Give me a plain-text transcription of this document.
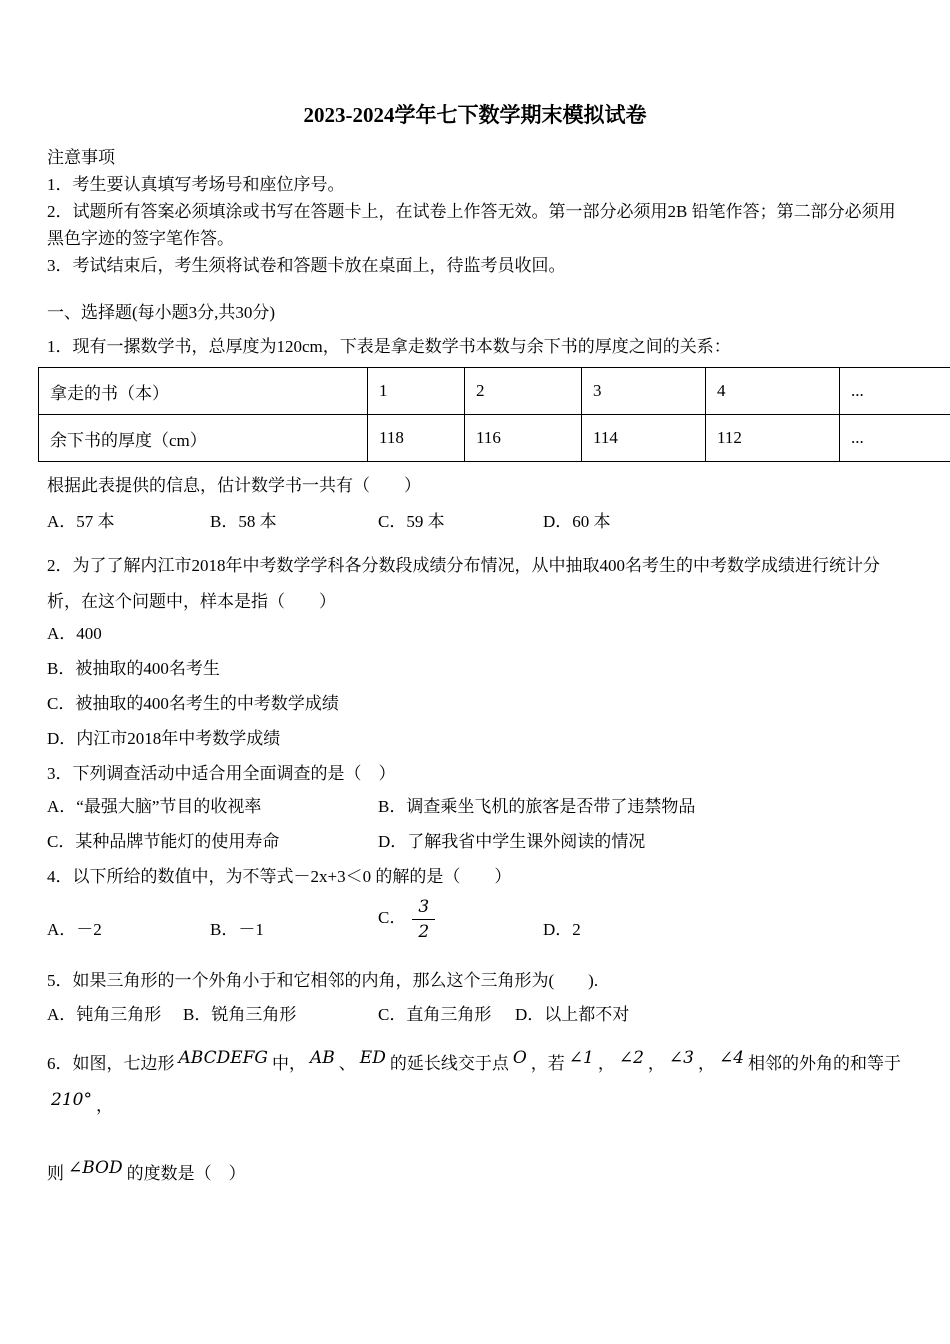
2023-2024学年七下数学期末模拟试卷

注意事项

1．考生要认真填写考场号和座位序号。

2．试题所有答案必须填涂或书写在答题卡上，在试卷上作答无效。第一部分必须用2B 铅笔作答；第二部分必须用黑色字迹的签字笔作答。

3．考试结束后，考生须将试卷和答题卡放在桌面上，待监考员收回。

一、选择题(每小题3分,共30分)

1．现有一摞数学书，总厚度为120cm，下表是拿走数学书本数与余下书的厚度之间的关系：

拿走的书（本）	1	2	3	4	...
余下书的厚度（cm）	118	116	114	112	...

根据此表提供的信息，估计数学书一共有（　　）

A．57 本	B．58 本	C．59 本	D．60 本

2．为了了解内江市2018年中考数学学科各分数段成绩分布情况，从中抽取400名考生的中考数学成绩进行统计分析，在这个问题中，样本是指（　　）

A．400

B．被抽取的400名考生

C．被抽取的400名考生的中考数学成绩

D．内江市2018年中考数学成绩

3．下列调查活动中适合用全面调查的是（　）

A．“最强大脑”节目的收视率	B．调查乘坐飞机的旅客是否带了违禁物品
C．某种品牌节能灯的使用寿命	D．了解我省中学生课外阅读的情况

4．以下所给的数值中，为不等式－2x+3＜0 的解的是（　　）

A．－2	B．－1
C． $\frac{3}{2}$	D．2

5．如果三角形的一个外角小于和它相邻的内角，那么这个三角形为(　　).

A．钝角三角形 B．锐角三角形	C．直角三角形 D．以上都不对

6．如图，七边形 ABCDEFG 中， AB 、 ED 的延长线交于点 O ，若 ∠1 ， ∠2 ， ∠3 ， ∠4 相邻的外角的和等于210° ，

则 ∠BOD 的度数是（　）
